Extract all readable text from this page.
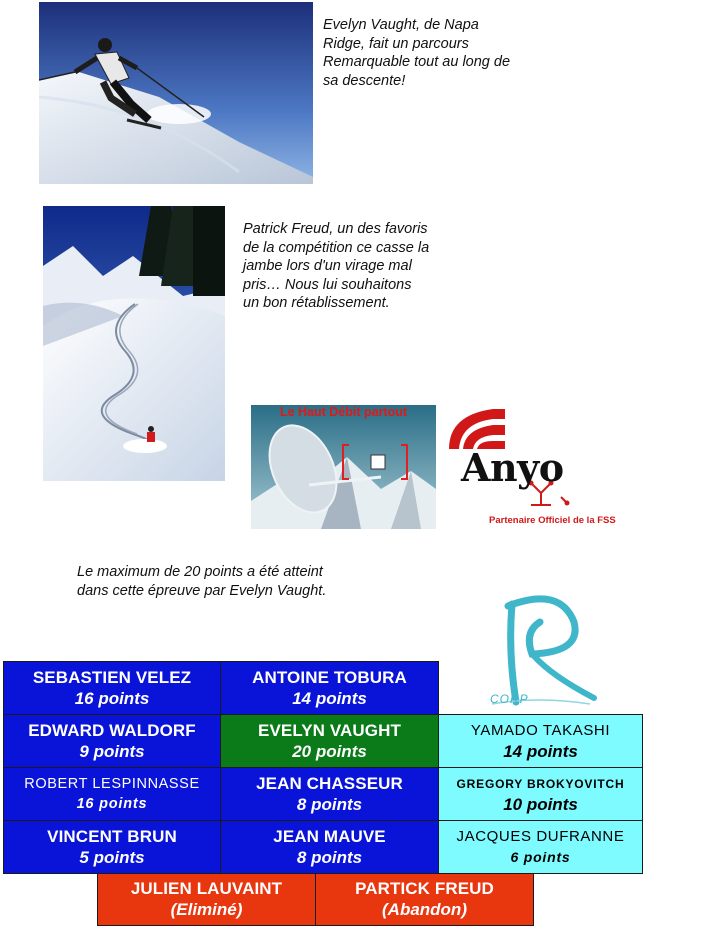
Evelyn Vaught, de Napa
Ridge, fait un parcours
Remarquable tout au long de
sa descente!
Patrick Freud, un des favoris
de la compétition ce casse la
jambe lors d'un virage mal
pris… Nous lui souhaitons
un bon rétablissement.
Le Haut Débit partout
Anyo
Partenaire Officiel de la FSS
Le maximum de 20 points a été atteint
dans cette épreuve par Evelyn Vaught.
CORP
SEBASTIEN VELEZ
16 points
ANTOINE TOBURA
14 points
EDWARD WALDORF
9 points
EVELYN VAUGHT
20 points
YAMADO TAKASHI
14 points
ROBERT LESPINNASSE
16 points
JEAN CHASSEUR
8 points
GREGORY BROKYOVITCH
10 points
VINCENT BRUN
5 points
JEAN MAUVE
8 points
JACQUES DUFRANNE
6 points
JULIEN LAUVAINT
(Eliminé)
PARTICK FREUD
(Abandon)
